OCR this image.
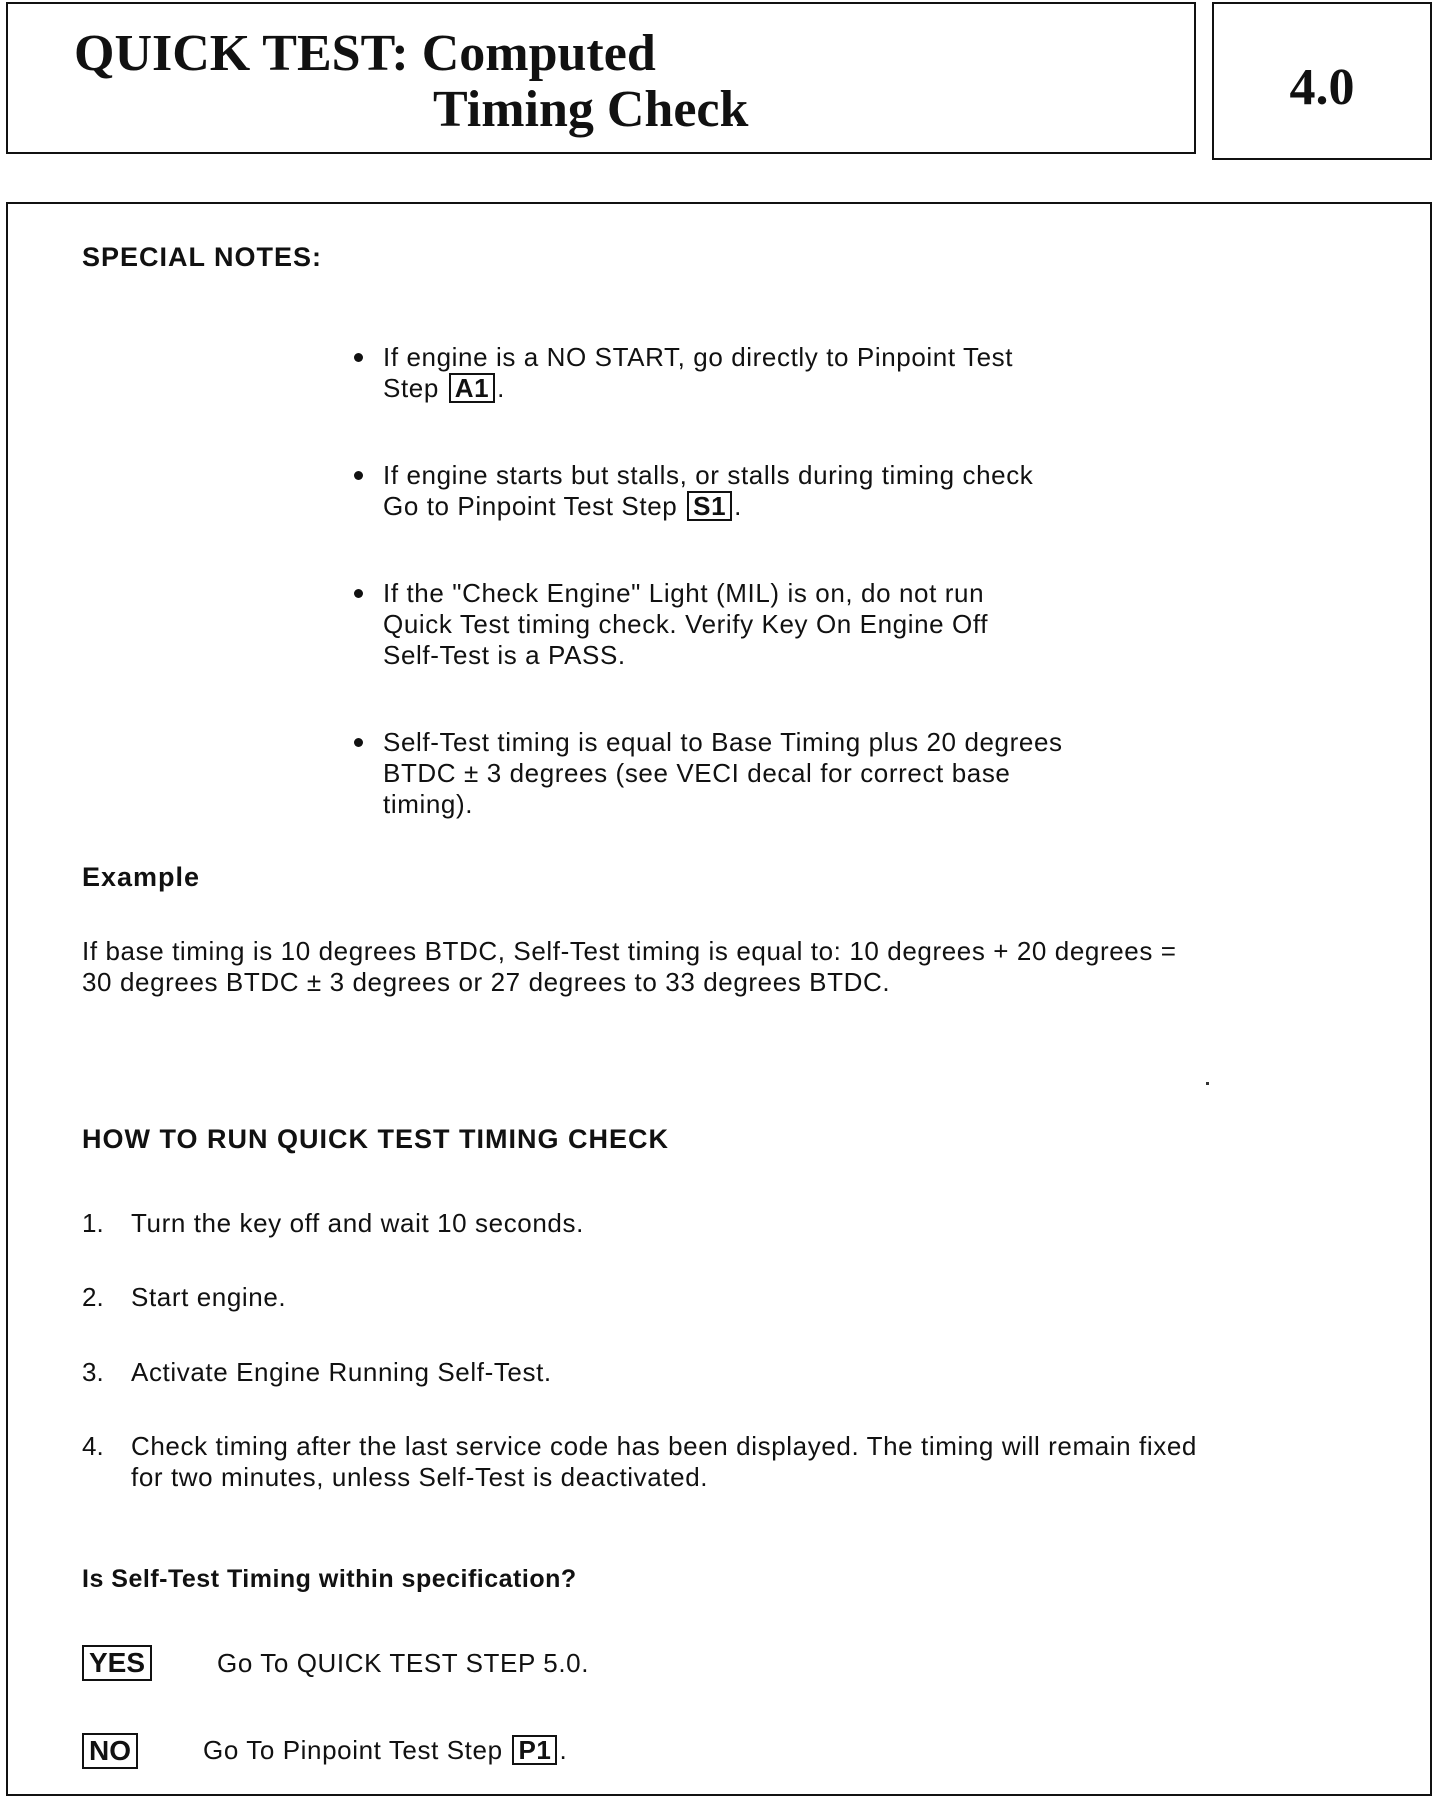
QUICK TEST: Computed
Timing Check	4.0
SPECIAL NOTES:
If engine is a NO START, go directly to Pinpoint Test
Step A1 .
If engine starts but stalls, or stalls during timing check
Go to Pinpoint Test Step S1 .
If the "Check Engine" Light (MIL) is on, do not run
Quick Test timing check. Verify Key On Engine Off
Self-Test is a PASS.
Self-Test timing is equal to Base Timing plus 20 degrees
BTDC ± 3 degrees (see VECI decal for correct base
timing).
Example
If base timing is 10 degrees BTDC, Self-Test timing is equal to: 10 degrees + 20 degrees =
30 degrees BTDC ± 3 degrees or 27 degrees to 33 degrees BTDC.
HOW TO RUN QUICK TEST TIMING CHECK
1. Turn the key off and wait 10 seconds.
2. Start engine.
3. Activate Engine Running Self-Test.
4. Check timing after the last service code has been displayed. The timing will remain fixed
for two minutes, unless Self-Test is deactivated.
Is Self-Test Timing within specification?
YES	Go To QUICK TEST STEP 5.0.
NO	Go To Pinpoint Test Step P1 .
